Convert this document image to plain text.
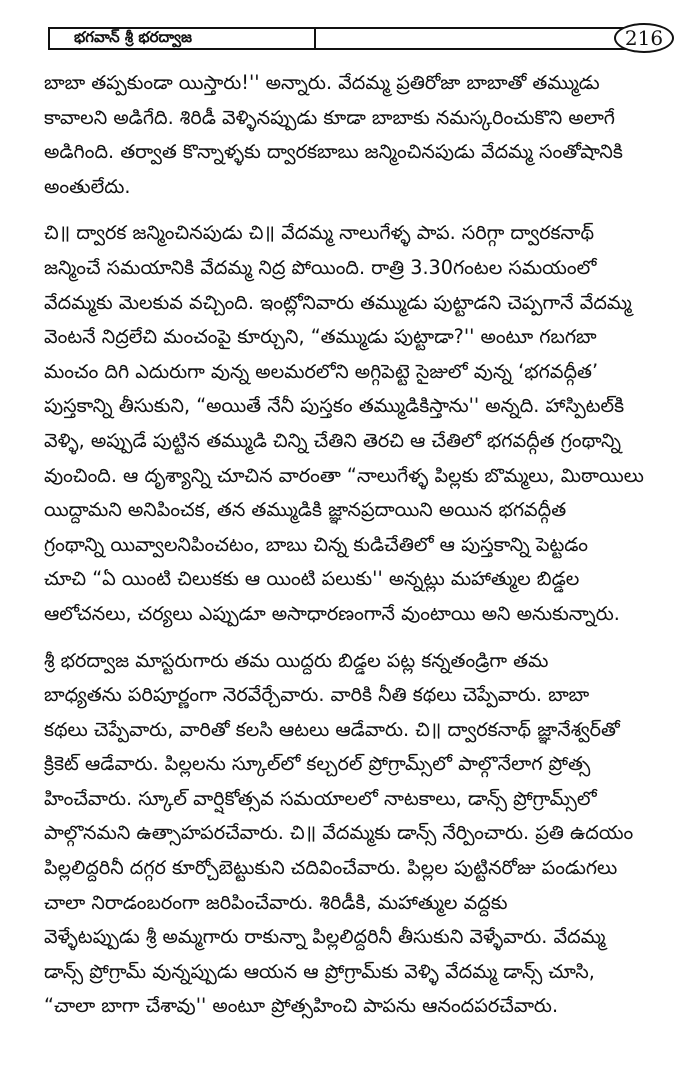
భగవాన్ శ్రీ భరద్వాజ	216
బాబా తప్పకుండా యిస్తారు!'' అన్నారు. వేదమ్మ ప్రతిరోజా బాబాతో తమ్ముడు
కావాలని అడిగేది. శిరిడీ వెళ్ళినప్పుడు కూడా బాబాకు నమస్కరించుకొని అలాగే
అడిగింది. తర్వాత కొన్నాళ్ళకు ద్వారకబాబు జన్మించినపుడు వేదమ్మ సంతోషానికి
అంతులేదు.
చి॥ ద్వారక జన్మించినపుడు చి॥ వేదమ్మ నాలుగేళ్ళ పాప. సరిగ్గా ద్వారకనాథ్
జన్మించే సమయానికి వేదమ్మ నిద్ర పోయింది. రాత్రి 3.30గంటల సమయంలో
వేదమ్మకు మెలకువ వచ్చింది. ఇంట్లోనివారు తమ్ముడు పుట్టాడని చెప్పగానే వేదమ్మ
వెంటనే నిద్రలేచి మంచంపై కూర్చుని, “తమ్ముడు పుట్టాడా?'' అంటూ గబగబా
మంచం దిగి ఎదురుగా వున్న అలమరలోని అగ్గిపెట్టె సైజులో వున్న ‘భగవద్గీత’
పుస్తకాన్ని తీసుకుని, “అయితే నేనీ పుస్తకం తమ్ముడికిస్తాను'' అన్నది. హాస్పిటల్‌కి
వెళ్ళి, అప్పుడే పుట్టిన తమ్ముడి చిన్ని చేతిని తెరచి ఆ చేతిలో భగవద్గీత గ్రంథాన్ని
వుంచింది. ఆ దృశ్యాన్ని చూచిన వారంతా “నాలుగేళ్ళ పిల్లకు బొమ్మలు, మిఠాయిలు
యిద్దామని అనిపించక, తన తమ్ముడికి జ్ఞానప్రదాయిని అయిన భగవద్గీత
గ్రంథాన్ని యివ్వాలనిపించటం, బాబు చిన్న కుడిచేతిలో ఆ పుస్తకాన్ని పెట్టడం
చూచి “ఏ యింటి చిలుకకు ఆ యింటి పలుకు'' అన్నట్లు మహాత్ముల బిడ్డల
ఆలోచనలు, చర్యలు ఎప్పుడూ అసాధారణంగానే వుంటాయి అని అనుకున్నారు.
శ్రీ భరద్వాజ మాస్టరుగారు తమ యిద్దరు బిడ్డల పట్ల కన్నతండ్రిగా తమ
బాధ్యతను పరిపూర్ణంగా నెరవేర్చేవారు. వారికి నీతి కథలు చెప్పేవారు. బాబా
కథలు చెప్పేవారు, వారితో కలసి ఆటలు ఆడేవారు. చి॥ ద్వారకనాథ్ జ్ఞానేశ్వర్‌తో
క్రికెట్ ఆడేవారు. పిల్లలను స్కూల్‌లో కల్చరల్ ప్రోగ్రామ్స్‌లో పాల్గొనేలాగ ప్రోత్స
హించేవారు. స్కూల్ వార్షికోత్సవ సమయాలలో నాటకాలు, డాన్స్ ప్రోగ్రామ్స్‌లో
పాల్గొనమని ఉత్సాహపరచేవారు. చి॥ వేదమ్మకు డాన్స్ నేర్పించారు. ప్రతి ఉదయం
పిల్లలిద్దరినీ దగ్గర కూర్చోబెట్టుకుని చదివించేవారు. పిల్లల పుట్టినరోజు పండుగలు
చాలా నిరాడంబరంగా జరిపించేవారు. శిరిడీకి, మహాత్ముల వద్దకు
వెళ్ళేటప్పుడు శ్రీ అమ్మగారు రాకున్నా పిల్లలిద్దరినీ తీసుకుని వెళ్ళేవారు. వేదమ్మ
డాన్స్ ప్రోగ్రామ్ వున్నప్పుడు ఆయన ఆ ప్రోగ్రామ్‌కు వెళ్ళి వేదమ్మ డాన్స్ చూసి,
“చాలా బాగా చేశావు'' అంటూ ప్రోత్సహించి పాపను ఆనందపరచేవారు.
